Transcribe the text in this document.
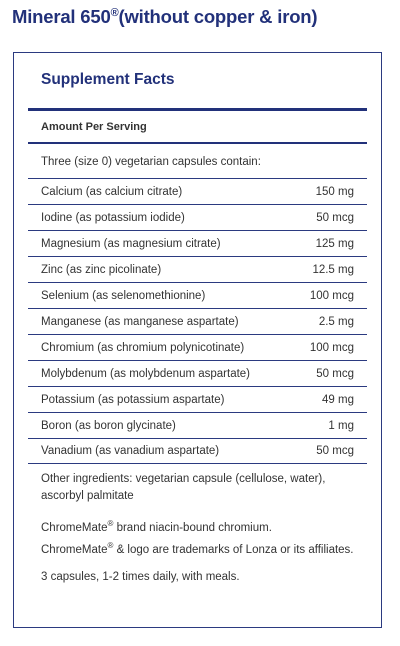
Mineral 650®(without copper & iron)
Supplement Facts
Amount Per Serving
Three (size 0) vegetarian capsules contain:
Calcium (as calcium citrate)	150 mg
Iodine (as potassium iodide)	50 mcg
Magnesium (as magnesium citrate)	125 mg
Zinc (as zinc picolinate)	12.5 mg
Selenium (as selenomethionine)	100 mcg
Manganese (as manganese aspartate)	2.5 mg
Chromium (as chromium polynicotinate)	100 mcg
Molybdenum (as molybdenum aspartate)	50 mcg
Potassium (as potassium aspartate)	49 mg
Boron (as boron glycinate)	1 mg
Vanadium (as vanadium aspartate)	50 mcg

Other ingredients: vegetarian capsule (cellulose, water), ascorbyl palmitate

ChromeMate® brand niacin-bound chromium.
ChromeMate® & logo are trademarks of Lonza or its affiliates.

3 capsules, 1-2 times daily, with meals.
